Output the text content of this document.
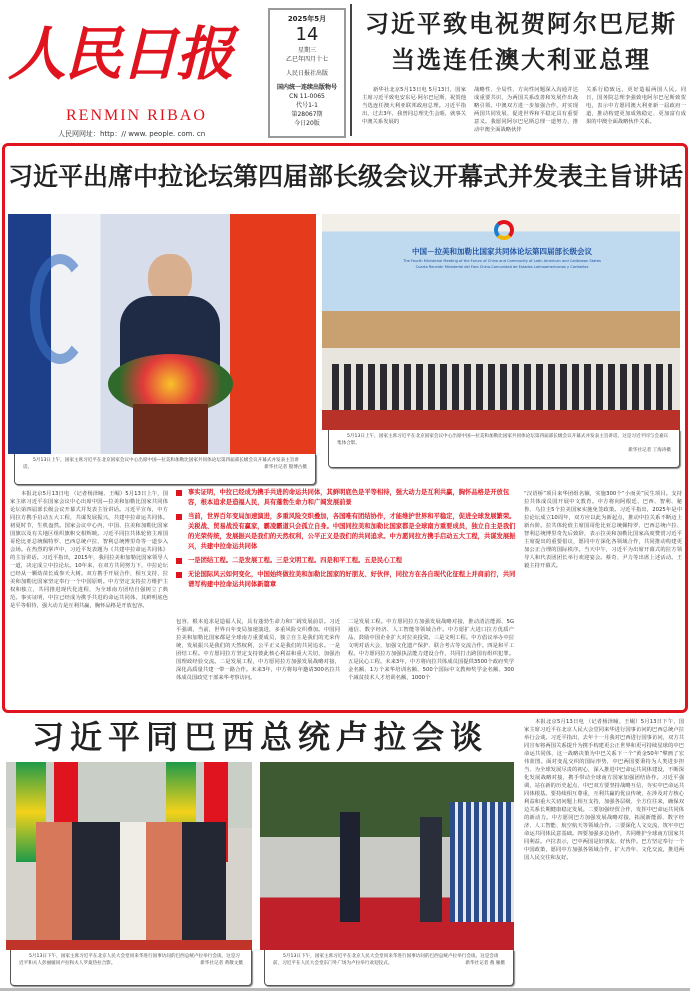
人民日报
RENMIN RIBAO
人民网网址：http：// www. people. com. cn
2025年5月
14
星期三
乙巳年四月十七
人民日报社出版
国内统一连续出版物号
CN 11-0065
代号1-1
第28067期
今日20版
习近平致电祝贺阿尔巴尼斯
当选连任澳大利亚总理
新华社北京5月13日电 5月13日，国家主席习近平致电安东尼·阿尔巴尼斯，祝贺他当选连任澳大利亚联邦政府总理。习近平指出，过去3年，我曾同总理先生会晤，就事关中澳关系发展的
战略性、全局性、方向性问题深入沟通并达成重要共识，为两国关系改善和发展作出战略引领。中澳双方进一步加强合作，对实现两国共同发展、促进世界和平稳定具有重要意义。我愿同阿尔巴尼斯总理一道努力，推动中澳全面战略伙伴
关系行稳致远，更好造福两国人民。同日，国务院总理李强致电阿尔巴尼斯致贺电，表示中方愿同澳大利亚新一届政府一道，推动构建更加成熟稳定、更加富有成果的中澳全面战略伙伴关系。
习近平出席中拉论坛第四届部长级会议开幕式并发表主旨讲话
5月13日上午，国家主席习近平在北京国家会议中心出席中国—拉美和加勒比国家共同体论坛第四届部长级会议开幕式并发表主旨讲话。	新华社记者 殷博古摄
中国－拉美和加勒比国家共同体论坛第四届部长级会议
The Fourth Ministerial Meeting of the Forum of China and Community of Latin American and Caribbean States
Cuarta Reunión Ministerial del Foro China-Comunidad de Estados Latinoamericanos y Caribeños
5月13日上午，国家主席习近平在北京国家会议中心出席中国—拉美和加勒比国家共同体论坛第四届部长级会议开幕式并发表主旨讲话。这是习近平同与会嘉宾集体合影。

新华社记者 丁海涛摄
本报北京5月13日电 （记者杨泽瞳、王崛）5月13日上午，国家主席习近平在国家会议中心出席中国—拉美和加勒比国家共同体论坛第四届部长级会议开幕式并发表主旨讲话。习近平宣布，中方同拉方携手启动五大工程，共谋发展振兴，共建中拉命运共同体。初夏时节，生机盎然。国家会议中心内，中国、拉美和加勒比国家国旗以及有关地区组织旗帜交相辉映。习近平同拉共体轮值主席国哥伦比亚总统佩特罗、巴西总统卢拉、智利总统博里奇等一道步入会场。在热烈的掌声中，习近平发表题为《共建中拉命运共同体》的主旨讲话。习近平指出，2015年，我同拉美和加勒比国家领导人一道，决定成立中拉论坛。10年来，在双方共同努力下，中拉论坛已经从一颗幼苗长成参天大树。双方携手开展合作，相互支持，拉美和加勒比国家坚定奉行一个中国原则。中方坚定支持拉方维护主权和独立，共同推进现代化进程，为全球南方团结自强树立了典范。事实证明，中拉已经成为携手共进的命运共同体，其鲜明底色是平等相待，强大动力是互利共赢，胸怀品格是开放包容。
事实证明，中拉已经成为携手共进的命运共同体，其鲜明底色是平等相待，强大动力是互利共赢，胸怀品格是开放包容，根本追求是造福人民，具有蓬勃生命力和广阔发展前景
当前，世界百年变局加速演进，多重风险交织叠加，各国唯有团结协作，才能维护世界和平稳定，促进全球发展繁荣。关税战、贸易战没有赢家，霸凌霸道只会孤立自身。中国同拉美和加勒比国家都是全球南方重要成员，独立自主是我们的光荣传统，发展振兴是我们的天然权利，公平正义是我们的共同追求。中方愿同拉方携手启动五大工程，共谋发展振兴，共建中拉命运共同体
一是团结工程。二是发展工程。三是文明工程。四是和平工程。五是民心工程
无论国际风云如何变化，中国始终做拉美和加勒比国家的好朋友、好伙伴，同拉方在各自现代化征程上并肩前行，共同谱写构建中拉命运共同体新篇章
包容，根本追求是造福人民，具有蓬勃生命力和广阔发展前景。习近平强调，当前，世界百年变局加速演进，多重风险交织叠加。中国同拉美和加勒比国家都是全球南方重要成员，独立自主是我们的光荣传统，发展振兴是我们的天然权利，公平正义是我们的共同追求。一是团结工程。中方愿同拉方坚定支持彼此核心利益和重大关切，加强治国理政经验交流。二是发展工程，中方愿同拉方加强发展战略对接，深化高质量共建一带一路合作。未来3年，中方将每年邀请300名拉共体成员国政党干部来华考察访问。
二是发展工程。中方愿同拉方加强发展战略对接，推动清洁能源、5G通信、数字经济、人工智能等领域合作。中方愿扩大进口拉方优质产品，鼓励中国企业扩大对拉美投资。三是文明工程。中方倡议举办中拉文明对话大会，加强文化遗产保护、联合考古等交流合作。四是和平工程。中方愿同拉方加强执法能力建设合作，共同打击跨国有组织犯罪。五是民心工程。未来3年，中方将向拉共体成员国提供3500个政府奖学金名额、1万个来华培训名额、500个国际中文教师奖学金名额、300个减贫技术人才培训名额，1000个
“汉语桥”项目来华团组名额，实施300个“小而美”民生项目。支持拉共体成员国开展中文教育。中方将向阿根廷、巴西、智利、秘鲁、乌拉圭5个拉美国家实施免签政策。习近平指出，2025年是中拉论坛成立10周年，双方应以此为新起点，推动中拉关系不断迈上新台阶。拉共体轮值主席国哥伦比亚总统佩特罗、巴西总统卢拉、智利总统博里奇先后致辞，表示拉美和加勒比国家高度赞赏习近平主席提出的重要倡议，愿同中方深化各领域合作，共同推动构建更加公正合理的国际秩序。当天中午，习近平为出席开幕式的拉方领导人和代表团团长举行欢迎宴会。蔡奇、尹力等出席上述活动。王毅主持开幕式。
习近平同巴西总统卢拉会谈
5月13日下午，国家主席习近平在北京人民大会堂同来华进行国事访问的巴西总统卢拉举行会谈。这是习近平和夫人彭丽媛同卢拉和夫人罗桑热拉合影。	新华社记者 黄敬文摄
5月13日下午，国家主席习近平在北京人民大会堂同来华进行国事访问的巴西总统卢拉举行会谈。这是会谈前，习近平在人民大会堂东门外广场为卢拉举行欢迎仪式。	新华社记者 燕 雁摄
本报北京5月13日电 （记者杨泽瞳、王崛）5月13日下午，国家主席习近平在北京人民大会堂同来华进行国事访问的巴西总统卢拉举行会谈。习近平指出，去年十一月我对巴西进行国事访问，双方共同宣布将两国关系提升为携手构建更公正世界和更可持续星球的中巴命运共同体，这一战略决策为中巴关系下一个“黄金50年”擘画了宏伟蓝图。面对变乱交织的国际形势，中巴两国要秉持为人类进步担当、为全球发展尽责的初心，深入推进中巴命运共同体建设，不断深化发展战略对接，携手带动全球南方国家加强团结协作。习近平强调，站在新的历史起点，中巴双方要坚持战略互信，夯实中巴命运共同体根基。要持续相互尊重，互利共赢的优良传统，在涉及对方核心利益和重大关切问题上相互支持，加强各层级、全方位往来，确保双边关系长期健康稳定发展。二要加强经贸合作，发挥中巴命运共同体的新动力。中方愿同巴方加强发展战略对接，拓展新能源、数字经济、人工智能、航空航天等领域合作。三要深化人文交流，筑牢中巴命运共同体民意基础。四要加强多边协作，共同维护全球南方国家共同利益。卢拉表示，巴中两国是好朋友、好伙伴。巴方坚定奉行一个中国政策，愿同中方加强各领域合作，扩大青年、文化交流，推进两国人民交往和友好。
